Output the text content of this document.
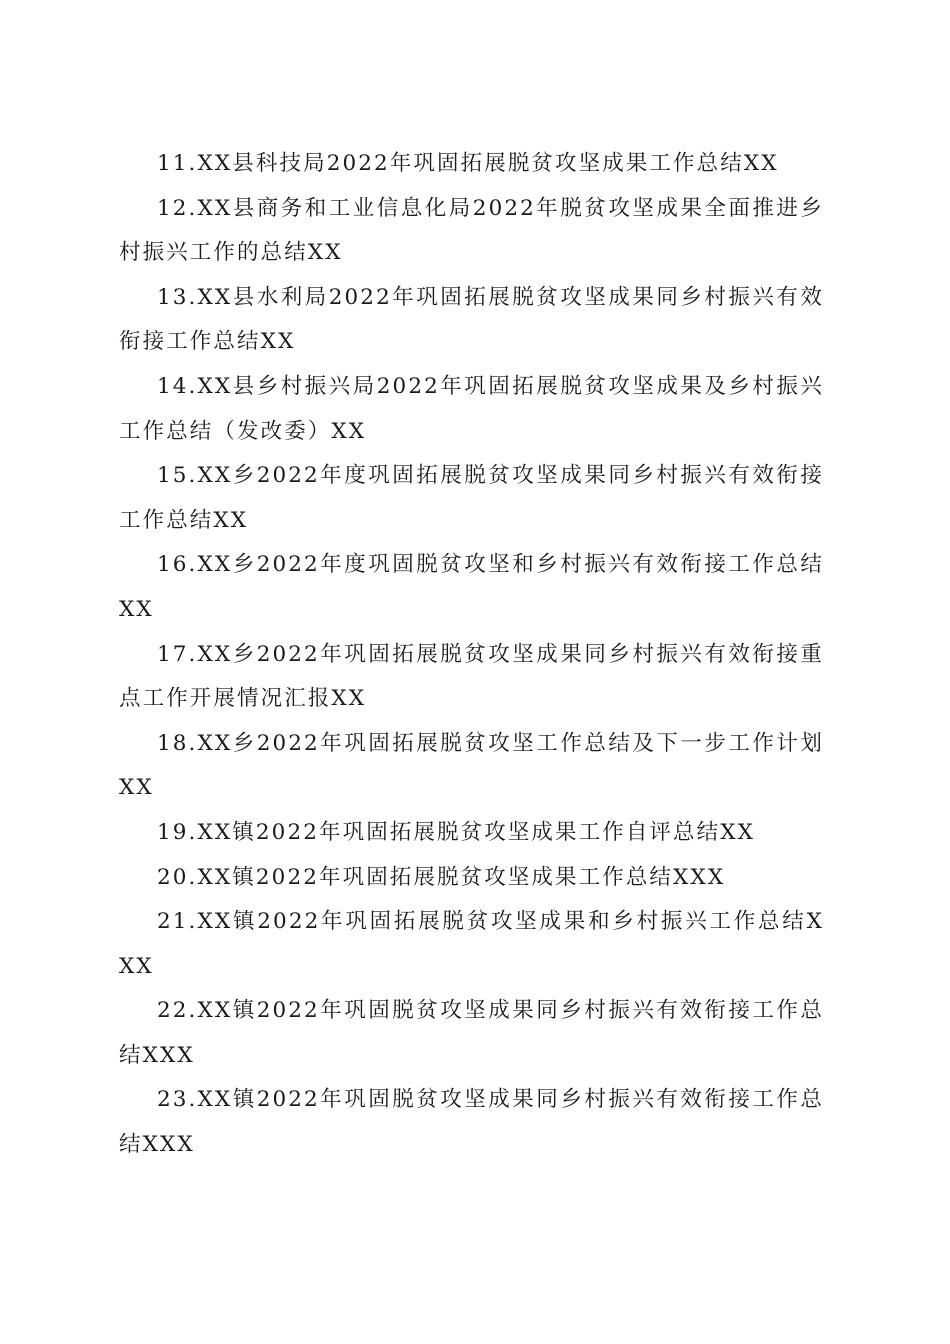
11.XX县科技局2022年巩固拓展脱贫攻坚成果工作总结XX
12.XX县商务和工业信息化局2022年脱贫攻坚成果全面推进乡村振兴工作的总结XX
13.XX县水利局2022年巩固拓展脱贫攻坚成果同乡村振兴有效衔接工作总结XX
14.XX县乡村振兴局2022年巩固拓展脱贫攻坚成果及乡村振兴工作总结（发改委）XX
15.XX乡2022年度巩固拓展脱贫攻坚成果同乡村振兴有效衔接工作总结XX
16.XX乡2022年度巩固脱贫攻坚和乡村振兴有效衔接工作总结XX
17.XX乡2022年巩固拓展脱贫攻坚成果同乡村振兴有效衔接重点工作开展情况汇报XX
18.XX乡2022年巩固拓展脱贫攻坚工作总结及下一步工作计划XX
19.XX镇2022年巩固拓展脱贫攻坚成果工作自评总结XX
20.XX镇2022年巩固拓展脱贫攻坚成果工作总结XXX
21.XX镇2022年巩固拓展脱贫攻坚成果和乡村振兴工作总结XXX
22.XX镇2022年巩固脱贫攻坚成果同乡村振兴有效衔接工作总结XXX
23.XX镇2022年巩固脱贫攻坚成果同乡村振兴有效衔接工作总结XXX
